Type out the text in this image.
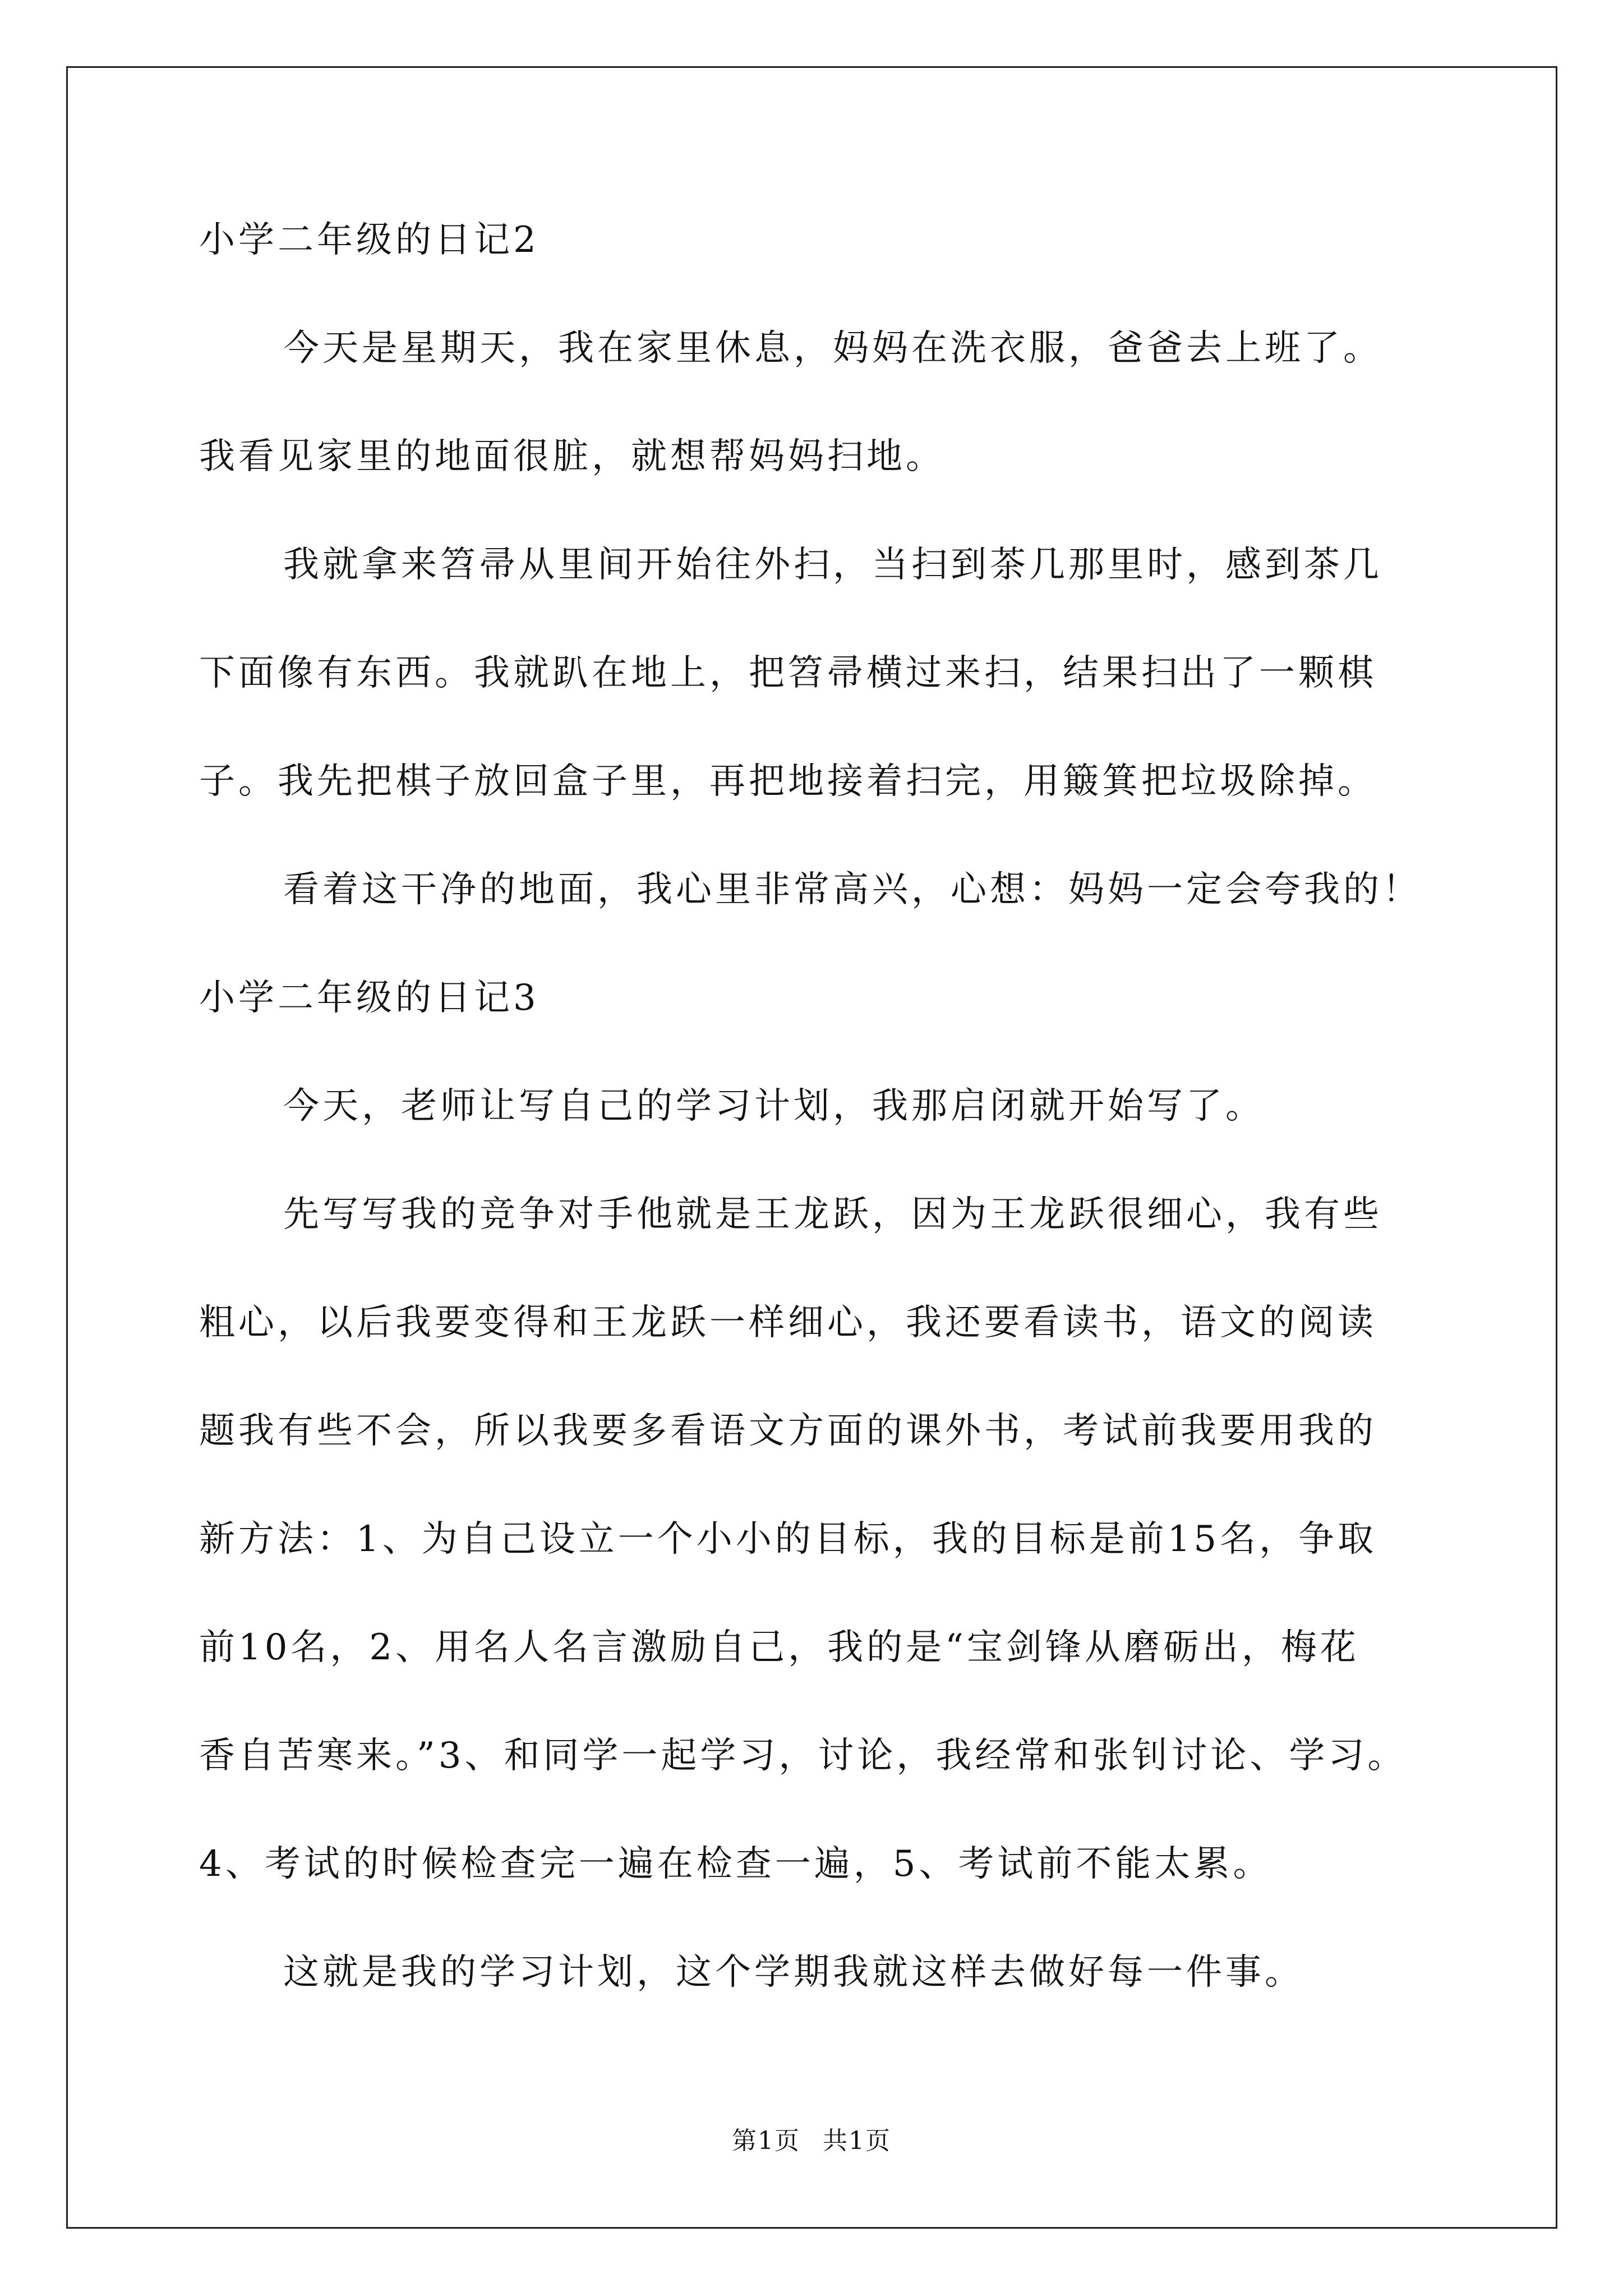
小学二年级的日记2
今天是星期天，我在家里休息，妈妈在洗衣服，爸爸去上班了。
我看见家里的地面很脏，就想帮妈妈扫地。
我就拿来笤帚从里间开始往外扫，当扫到茶几那里时，感到茶几
下面像有东西。我就趴在地上，把笤帚横过来扫，结果扫出了一颗棋
子。我先把棋子放回盒子里，再把地接着扫完，用簸箕把垃圾除掉。
看着这干净的地面，我心里非常高兴，心想：妈妈一定会夸我的！
小学二年级的日记3
今天，老师让写自己的学习计划，我那启闭就开始写了。
先写写我的竞争对手他就是王龙跃，因为王龙跃很细心，我有些
粗心，以后我要变得和王龙跃一样细心，我还要看读书，语文的阅读
题我有些不会，所以我要多看语文方面的课外书，考试前我要用我的
新方法：1、为自己设立一个小小的目标，我的目标是前15名，争取
前10名，2、用名人名言激励自己，我的是“宝剑锋从磨砺出，梅花
香自苦寒来。”3、和同学一起学习，讨论，我经常和张钊讨论、学习。
4、考试的时候检查完一遍在检查一遍，5、考试前不能太累。
这就是我的学习计划，这个学期我就这样去做好每一件事。
第1页 共1页
